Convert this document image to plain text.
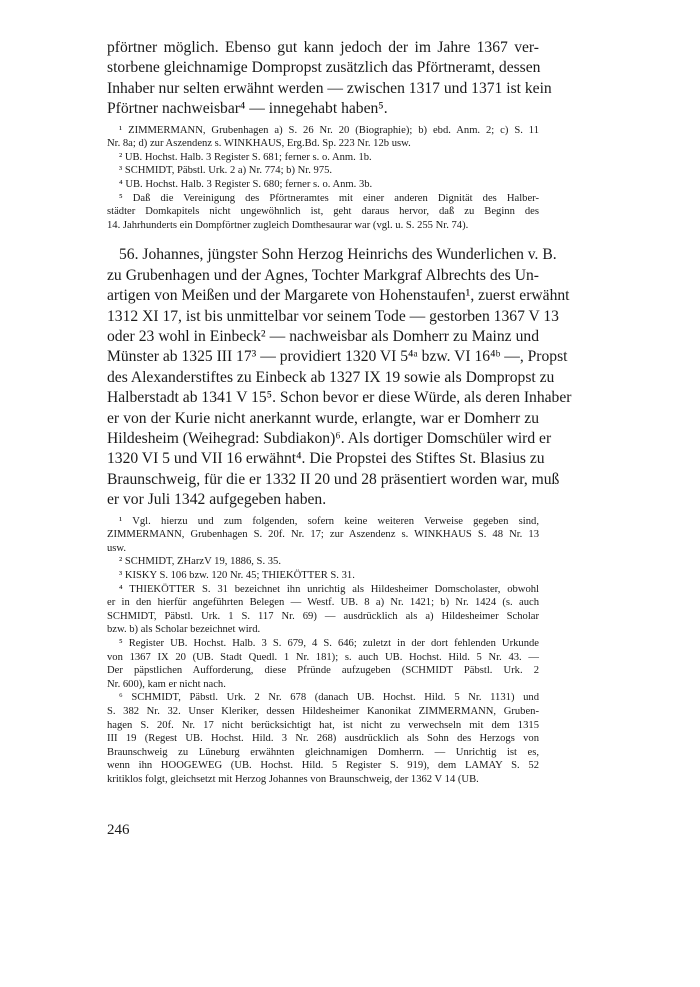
pförtner möglich. Ebenso gut kann jedoch der im Jahre 1367 ver-
storbene gleichnamige Dompropst zusätzlich das Pförtneramt, dessen
Inhaber nur selten erwähnt werden — zwischen 1317 und 1371 ist kein
Pförtner nachweisbar⁴ — innegehabt haben⁵.
¹ ZIMMERMANN, Grubenhagen a) S. 26 Nr. 20 (Biographie); b) ebd. Anm. 2; c) S. 11
Nr. 8a; d) zur Aszendenz s. WINKHAUS, Erg.Bd. Sp. 223 Nr. 12b usw.
² UB. Hochst. Halb. 3 Register S. 681; ferner s. o. Anm. 1b.
³ SCHMIDT, Päbstl. Urk. 2 a) Nr. 774; b) Nr. 975.
⁴ UB. Hochst. Halb. 3 Register S. 680; ferner s. o. Anm. 3b.
⁵ Daß die Vereinigung des Pförtneramtes mit einer anderen Dignität des Halber-
städter Domkapitels nicht ungewöhnlich ist, geht daraus hervor, daß zu Beginn des
14. Jahrhunderts ein Dompförtner zugleich Domthesaurar war (vgl. u. S. 255 Nr. 74).
56. Johannes, jüngster Sohn Herzog Heinrichs des Wunderlichen v. B.
zu Grubenhagen und der Agnes, Tochter Markgraf Albrechts des Un-
artigen von Meißen und der Margarete von Hohenstaufen¹, zuerst erwähnt
1312 XI 17, ist bis unmittelbar vor seinem Tode — gestorben 1367 V 13
oder 23 wohl in Einbeck² — nachweisbar als Domherr zu Mainz und
Münster ab 1325 III 17³ — providiert 1320 VI 5⁴ᵃ bzw. VI 16⁴ᵇ —, Propst
des Alexanderstiftes zu Einbeck ab 1327 IX 19 sowie als Dompropst zu
Halberstadt ab 1341 V 15⁵. Schon bevor er diese Würde, als deren Inhaber
er von der Kurie nicht anerkannt wurde, erlangte, war er Domherr zu
Hildesheim (Weihegrad: Subdiakon)⁶. Als dortiger Domschüler wird er
1320 VI 5 und VII 16 erwähnt⁴. Die Propstei des Stiftes St. Blasius zu
Braunschweig, für die er 1332 II 20 und 28 präsentiert worden war, muß
er vor Juli 1342 aufgegeben haben.
¹ Vgl. hierzu und zum folgenden, sofern keine weiteren Verweise gegeben sind,
ZIMMERMANN, Grubenhagen S. 20f. Nr. 17; zur Aszendenz s. WINKHAUS S. 48 Nr. 13
usw.
² SCHMIDT, ZHarzV 19, 1886, S. 35.
³ KISKY S. 106 bzw. 120 Nr. 45; THIEKÖTTER S. 31.
⁴ THIEKÖTTER S. 31 bezeichnet ihn unrichtig als Hildesheimer Domscholaster, obwohl
er in den hierfür angeführten Belegen — Westf. UB. 8 a) Nr. 1421; b) Nr. 1424 (s. auch
SCHMIDT, Päbstl. Urk. 1 S. 117 Nr. 69) — ausdrücklich als a) Hildesheimer Scholar
bzw. b) als Scholar bezeichnet wird.
⁵ Register UB. Hochst. Halb. 3 S. 679, 4 S. 646; zuletzt in der dort fehlenden Urkunde
von 1367 IX 20 (UB. Stadt Quedl. 1 Nr. 181); s. auch UB. Hochst. Hild. 5 Nr. 43. —
Der päpstlichen Aufforderung, diese Pfründe aufzugeben (SCHMIDT Päbstl. Urk. 2
Nr. 600), kam er nicht nach.
⁶ SCHMIDT, Päbstl. Urk. 2 Nr. 678 (danach UB. Hochst. Hild. 5 Nr. 1131) und
S. 382 Nr. 32. Unser Kleriker, dessen Hildesheimer Kanonikat ZIMMERMANN, Gruben-
hagen S. 20f. Nr. 17 nicht berücksichtigt hat, ist nicht zu verwechseln mit dem 1315
III 19 (Regest UB. Hochst. Hild. 3 Nr. 268) ausdrücklich als Sohn des Herzogs von
Braunschweig zu Lüneburg erwähnten gleichnamigen Domherrn. — Unrichtig ist es,
wenn ihn HOOGEWEG (UB. Hochst. Hild. 5 Register S. 919), dem LAMAY S. 52
kritiklos folgt, gleichsetzt mit Herzog Johannes von Braunschweig, der 1362 V 14 (UB.
246
